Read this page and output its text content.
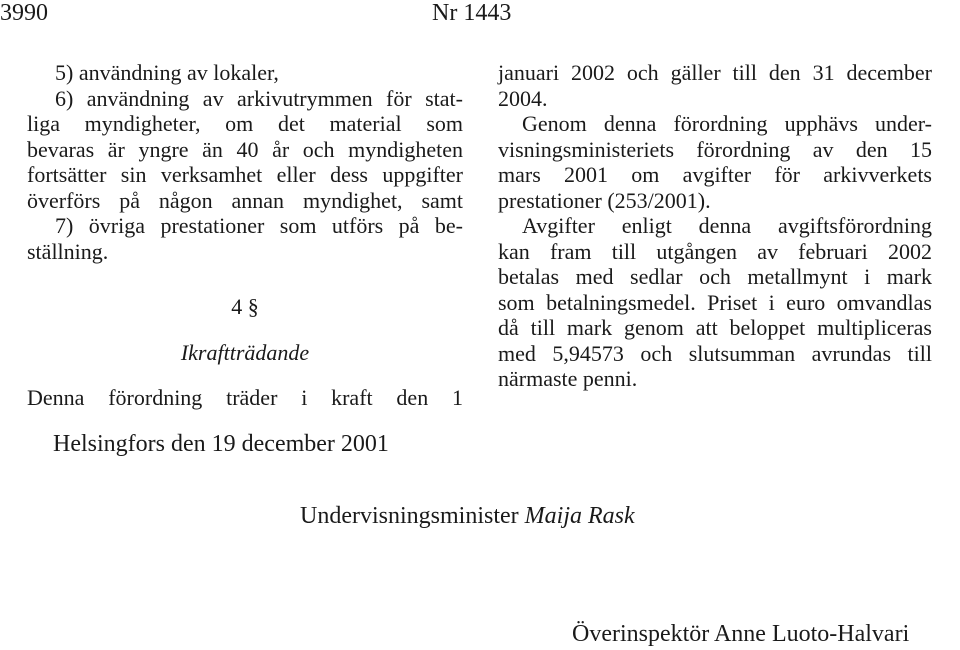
3990	Nr 1443
5) användning av lokaler,
6) användning av arkivutrymmen för stat-
liga myndigheter, om det material som
bevaras är yngre än 40 år och myndigheten
fortsätter sin verksamhet eller dess uppgifter
överförs på någon annan myndighet, samt
7) övriga prestationer som utförs på be-
ställning.
4 §
Ikraftträdande
Denna förordning träder i kraft den 1
januari 2002 och gäller till den 31 december
2004.
Genom denna förordning upphävs under-
visningsministeriets förordning av den 15
mars 2001 om avgifter för arkivverkets
prestationer (253/2001).
Avgifter enligt denna avgiftsförordning
kan fram till utgången av februari 2002
betalas med sedlar och metallmynt i mark
som betalningsmedel. Priset i euro omvandlas
då till mark genom att beloppet multipliceras
med 5,94573 och slutsumman avrundas till
närmaste penni.
Helsingfors den 19 december 2001
Undervisningsminister Maija Rask
Överinspektör Anne Luoto-Halvari
